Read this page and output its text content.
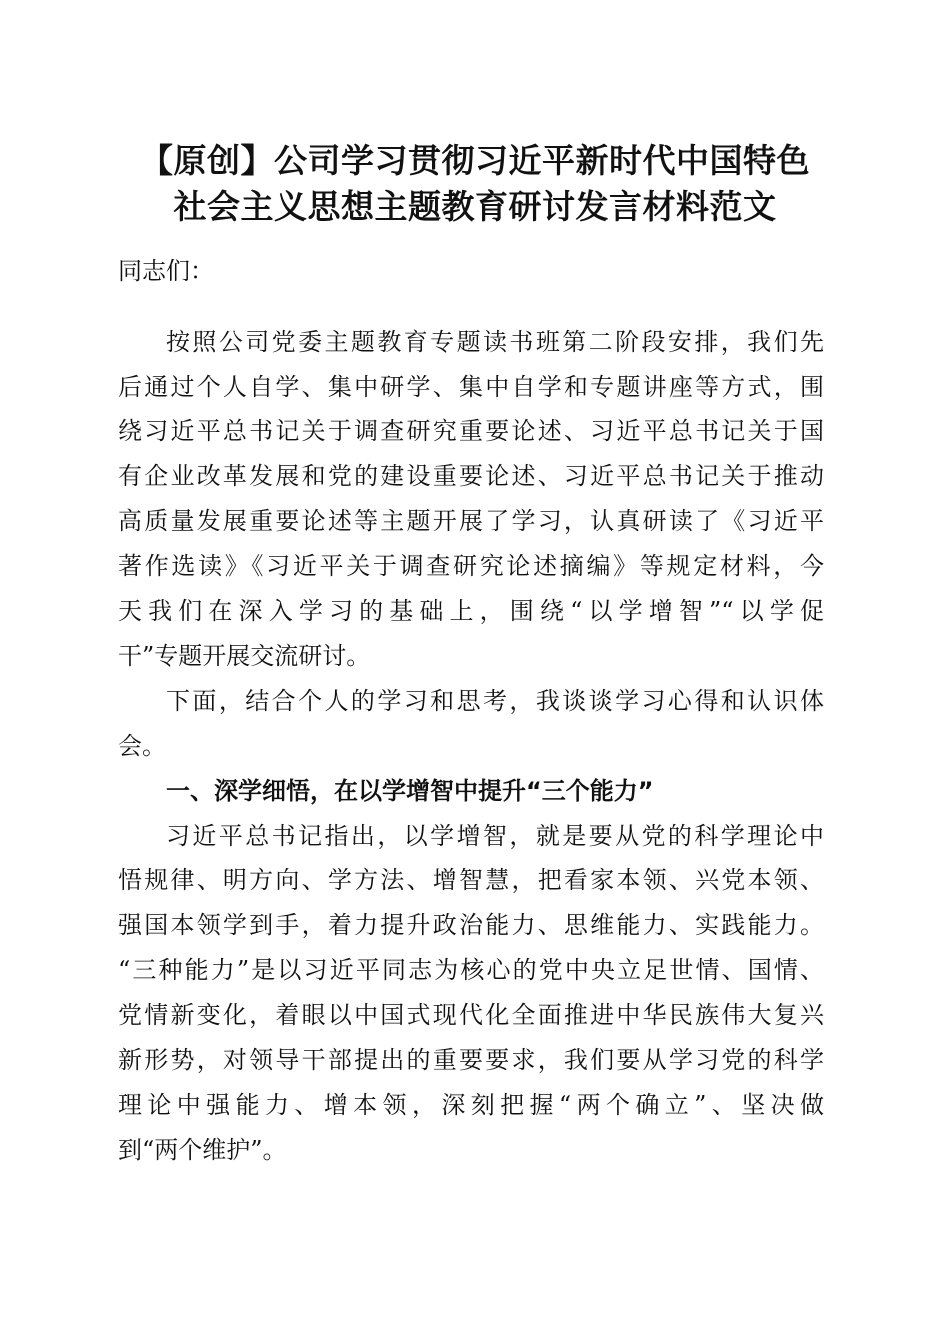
【原创】公司学习贯彻习近平新时代中国特色
社会主义思想主题教育研讨发言材料范文

同志们：

按照公司党委主题教育专题读书班第二阶段安排，我们先

后通过个人自学、集中研学、集中自学和专题讲座等方式，围

绕习近平总书记关于调查研究重要论述、习近平总书记关于国

有企业改革发展和党的建设重要论述、习近平总书记关于推动

高质量发展重要论述等主题开展了学习，认真研读了《习近平

著作选读》《习近平关于调查研究论述摘编》等规定材料，今

天我们在深入学习的基础上，围绕“以学增智”“以学促

干”专题开展交流研讨。

下面，结合个人的学习和思考，我谈谈学习心得和认识体

会。

一、深学细悟，在以学增智中提升“三个能力”

习近平总书记指出，以学增智，就是要从党的科学理论中

悟规律、明方向、学方法、增智慧，把看家本领、兴党本领、

强国本领学到手，着力提升政治能力、思维能力、实践能力。

“三种能力”是以习近平同志为核心的党中央立足世情、国情、

党情新变化，着眼以中国式现代化全面推进中华民族伟大复兴

新形势，对领导干部提出的重要要求，我们要从学习党的科学

理论中强能力、增本领，深刻把握“两个确立”、坚决做

到“两个维护”。
